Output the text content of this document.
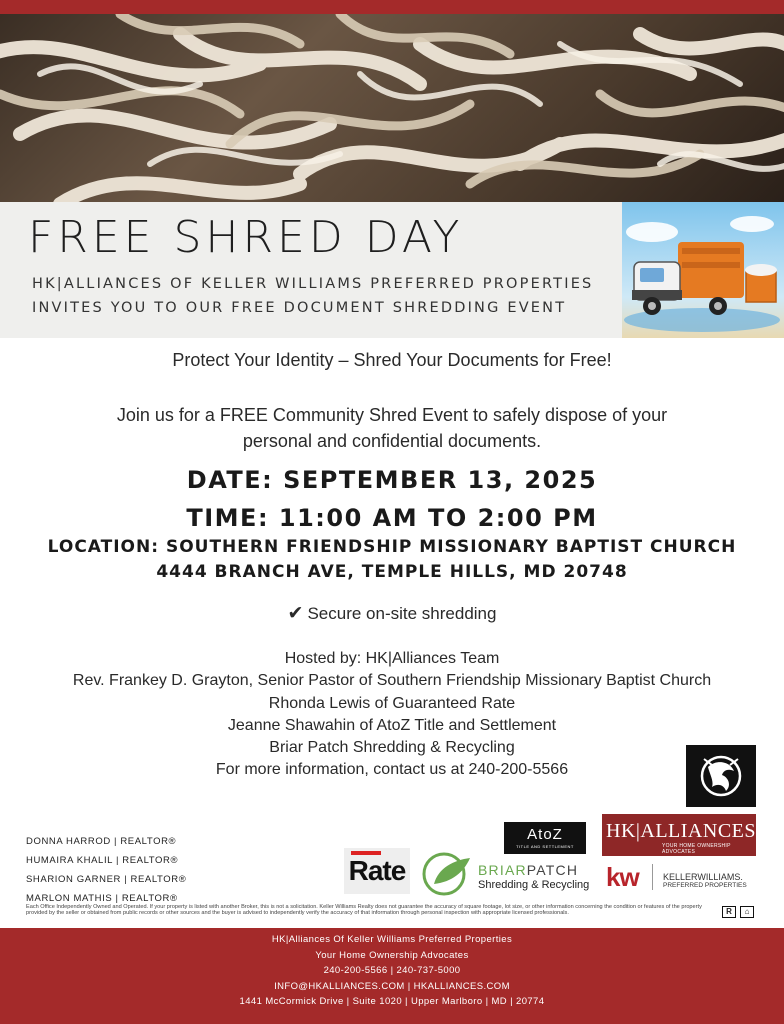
FREE SHRED DAY
HK|ALLIANCES OF KELLER WILLIAMS PREFERRED PROPERTIES
INVITES YOU TO OUR FREE DOCUMENT SHREDDING EVENT
Protect Your Identity – Shred Your Documents for Free!
Join us for a FREE Community Shred Event to safely dispose of your
personal and confidential documents.
DATE: SEPTEMBER 13, 2025
TIME: 11:00 AM TO 2:00 PM
LOCATION: SOUTHERN FRIENDSHIP MISSIONARY BAPTIST CHURCH
4444 BRANCH AVE, TEMPLE HILLS, MD 20748
✔ Secure on-site shredding
Hosted by: HK|Alliances Team
Rev. Frankey D. Grayton, Senior Pastor of Southern Friendship Missionary Baptist Church
Rhonda Lewis of Guaranteed Rate
Jeanne Shawahin of AtoZ Title and Settlement
Briar Patch Shredding & Recycling
For more information, contact us at 240-200-5566
DONNA HARROD | REALTOR®
HUMAIRA KHALIL | REALTOR®
SHARION GARNER | REALTOR®
MARLON MATHIS | REALTOR®
Rate	BRIARPATCH
Shredding & Recycling
AtoZ
TITLE AND SETTLEMENT
HK|ALLIANCES
YOUR HOME OWNERSHIP ADVOCATES
kw	KELLERWILLIAMS.
PREFERRED PROPERTIES
Each Office Independently Owned and Operated. If your property is listed with another Broker, this is not a solicitation. Keller Williams Realty does not guarantee the accuracy of square footage, lot size, or other information concerning the condition or features of the property provided by the seller or obtained from public records or other sources and the buyer is advised to independently verify the accuracy of that information through personal inspection with appropriate licensed professionals.	R	⌂
HK|Alliances Of Keller Williams Preferred Properties
Your Home Ownership Advocates
240-200-5566 | 240-737-5000
INFO@HKALLIANCES.COM | HKALLIANCES.COM
1441 McCormick Drive | Suite 1020 | Upper Marlboro | MD | 20774
